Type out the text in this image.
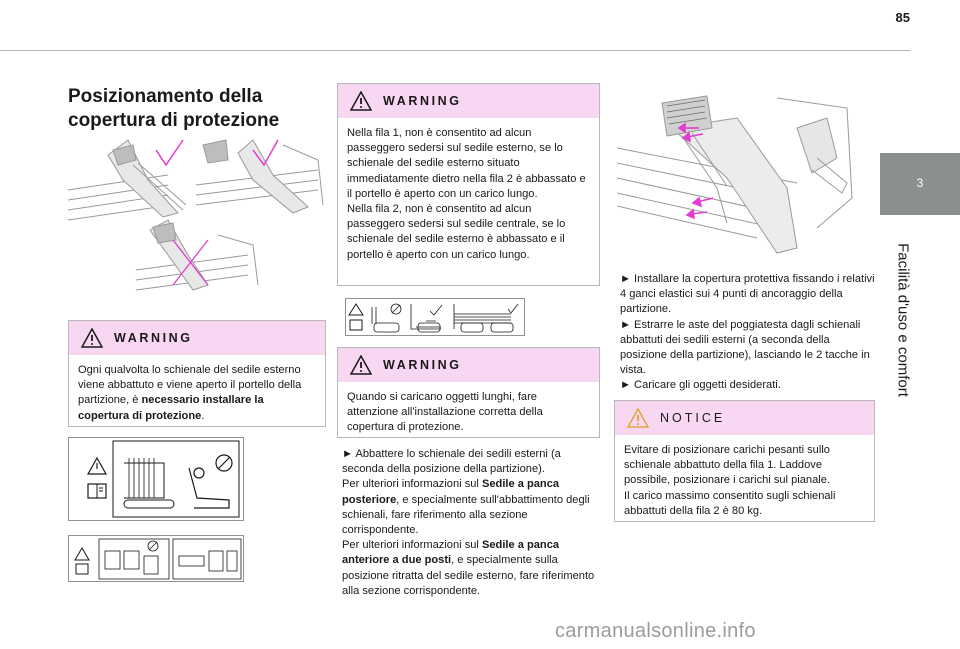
85
3
Facilità d'uso e comfort
Posizionamento della
copertura di protezione
WARNING

Ogni qualvolta lo schienale del sedile esterno viene abbattuto e viene aperto il portello della partizione, è necessario installare la copertura di protezione.

WARNING

Nella fila 1, non è consentito ad alcun passeggero sedersi sul sedile esterno, se lo schienale del sedile esterno situato immediatamente dietro nella fila 2 è abbassato e il portello è aperto con un carico lungo.

Nella fila 2, non è consentito ad alcun passeggero sedersi sul sedile centrale, se lo schienale del sedile esterno è abbassato e il portello è aperto con un carico lungo.

WARNING

Quando si caricano oggetti lunghi, fare attenzione all'installazione corretta della copertura di protezione.

► Abbattere lo schienale dei sedili esterni (a seconda della posizione della partizione).

Per ulteriori informazioni sul Sedile a panca posteriore, e specialmente sull'abbattimento degli schienali, fare riferimento alla sezione corrispondente.

Per ulteriori informazioni sul Sedile a panca anteriore a due posti, e specialmente sulla posizione ritratta del sedile esterno, fare riferimento alla sezione corrispondente.

► Installare la copertura protettiva fissando i relativi 4 ganci elastici sui 4 punti di ancoraggio della partizione.

► Estrarre le aste del poggiatesta dagli schienali abbattuti dei sedili esterni (a seconda della posizione della partizione), lasciando le 2 tacche in vista.

► Caricare gli oggetti desiderati.

NOTICE

Evitare di posizionare carichi pesanti sullo schienale abbattuto della fila 1. Laddove possibile, posizionare i carichi sul pianale.

Il carico massimo consentito sugli schienali abbattuti della fila 2 è 80 kg.

carmanualsonline.info
